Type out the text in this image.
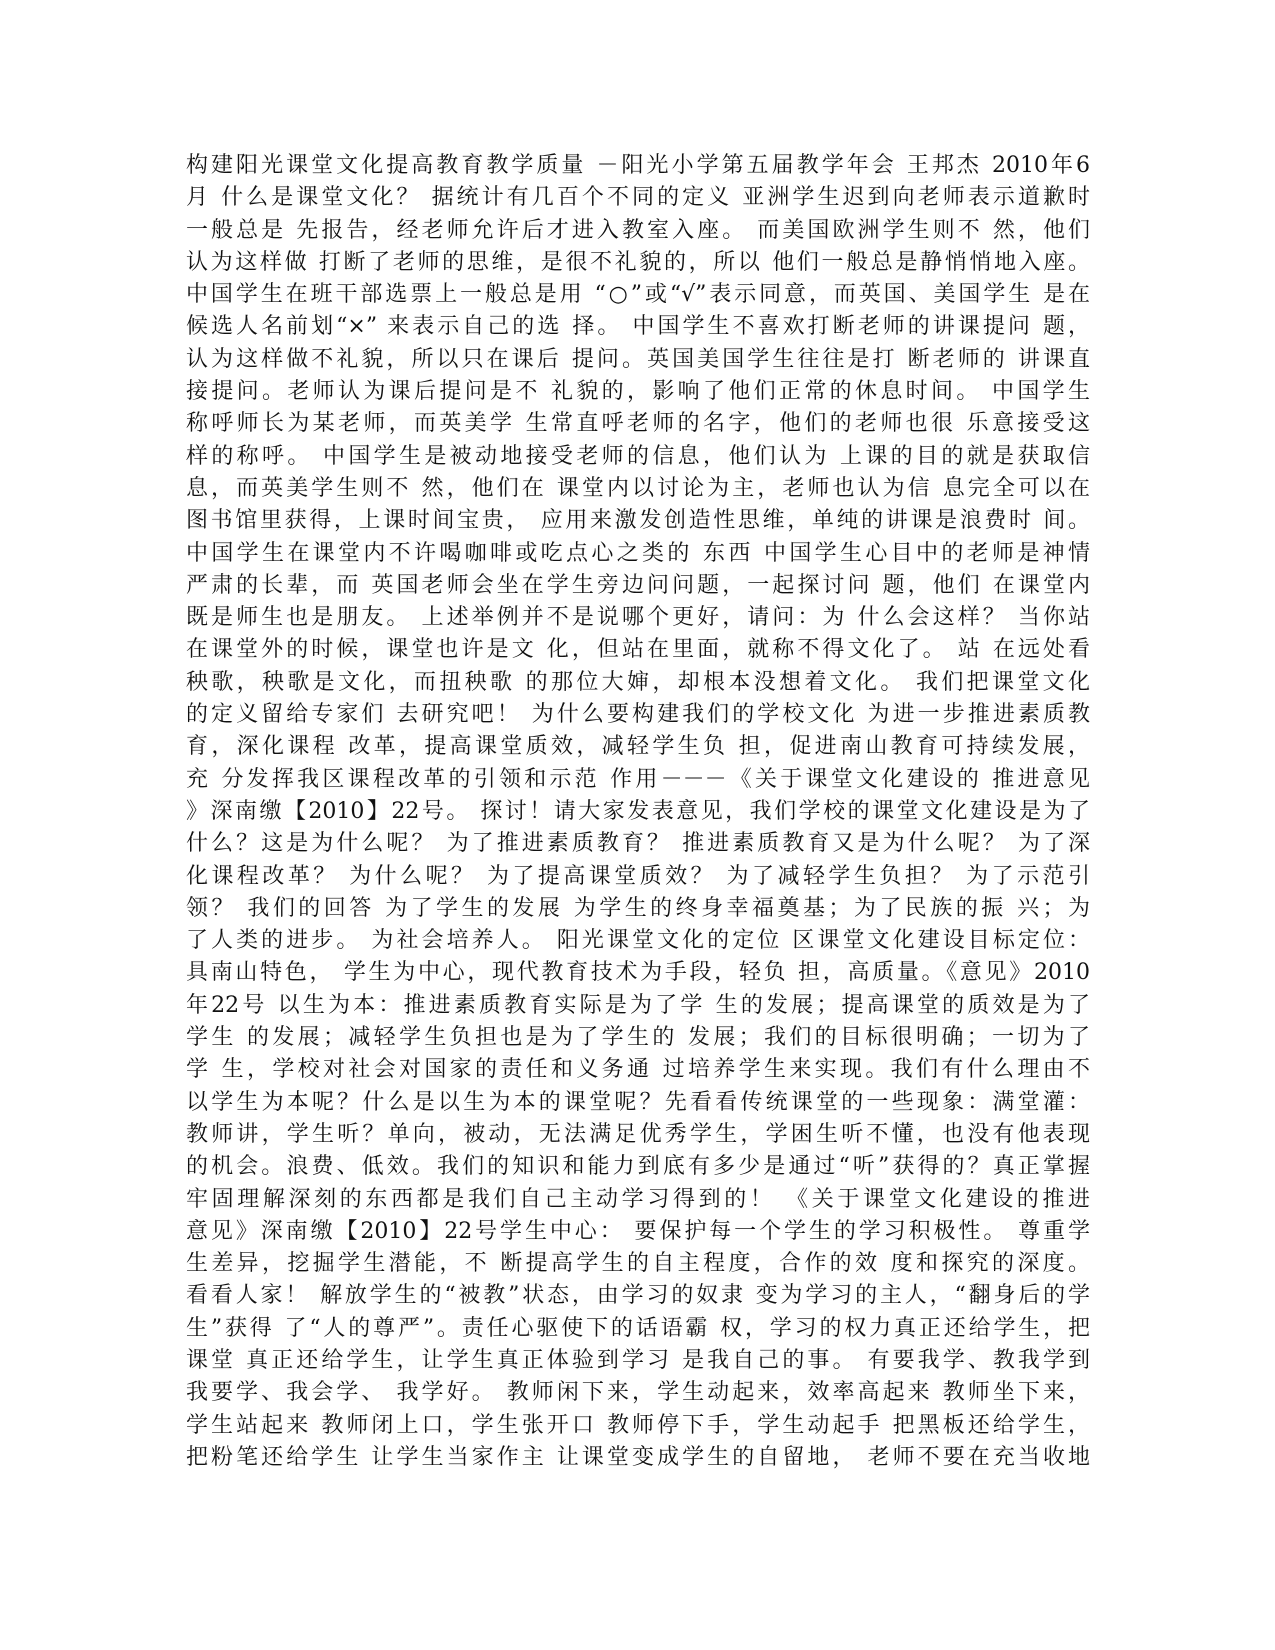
构建阳光课堂文化提高教育教学质量 －阳光小学第五届教学年会 王邦杰 2010年6
月 什么是课堂文化？ 据统计有几百个不同的定义 亚洲学生迟到向老师表示道歉时
一般总是 先报告，经老师允许后才进入教室入座。 而美国欧洲学生则不 然，他们
认为这样做 打断了老师的思维，是很不礼貌的，所以 他们一般总是静悄悄地入座。
中国学生在班干部选票上一般总是用 “○”或“√”表示同意，而英国、美国学生 是在
候选人名前划“×” 来表示自己的选 择。 中国学生不喜欢打断老师的讲课提问 题，
认为这样做不礼貌，所以只在课后 提问。英国美国学生往往是打 断老师的 讲课直
接提问。老师认为课后提问是不 礼貌的，影响了他们正常的休息时间。 中国学生
称呼师长为某老师，而英美学 生常直呼老师的名字，他们的老师也很 乐意接受这
样的称呼。 中国学生是被动地接受老师的信息，他们认为 上课的目的就是获取信
息，而英美学生则不 然，他们在 课堂内以讨论为主，老师也认为信 息完全可以在
图书馆里获得，上课时间宝贵， 应用来激发创造性思维，单纯的讲课是浪费时 间。
中国学生在课堂内不许喝咖啡或吃点心之类的 东西 中国学生心目中的老师是神情
严肃的长辈，而 英国老师会坐在学生旁边问问题，一起探讨问 题，他们 在课堂内
既是师生也是朋友。 上述举例并不是说哪个更好，请问：为 什么会这样？ 当你站
在课堂外的时候，课堂也许是文 化，但站在里面，就称不得文化了。 站 在远处看
秧歌，秧歌是文化，而扭秧歌 的那位大婶，却根本没想着文化。 我们把课堂文化
的定义留给专家们 去研究吧！ 为什么要构建我们的学校文化 为进一步推进素质教
育，深化课程 改革，提高课堂质效，减轻学生负 担，促进南山教育可持续发展，
充 分发挥我区课程改革的引领和示范 作用－－－《关于课堂文化建设的 推进意见
》深南缴【2010】22号。 探讨！请大家发表意见，我们学校的课堂文化建设是为了
什么？这是为什么呢？ 为了推进素质教育？ 推进素质教育又是为什么呢？ 为了深
化课程改革？ 为什么呢？ 为了提高课堂质效？ 为了减轻学生负担？ 为了示范引
领？ 我们的回答 为了学生的发展 为学生的终身幸福奠基；为了民族的振 兴；为
了人类的进步。 为社会培养人。 阳光课堂文化的定位 区课堂文化建设目标定位：
具南山特色， 学生为中心，现代教育技术为手段，轻负 担，高质量。《意见》2010
年22号 以生为本：推进素质教育实际是为了学 生的发展；提高课堂的质效是为了
学生 的发展；减轻学生负担也是为了学生的 发展；我们的目标很明确；一切为了
学 生，学校对社会对国家的责任和义务通 过培养学生来实现。我们有什么理由不
以学生为本呢？什么是以生为本的课堂呢？先看看传统课堂的一些现象：满堂灌：
教师讲，学生听？单向，被动，无法满足优秀学生，学困生听不懂，也没有他表现
的机会。浪费、低效。我们的知识和能力到底有多少是通过“听”获得的？真正掌握
牢固理解深刻的东西都是我们自己主动学习得到的！ 《关于课堂文化建设的推进
意见》深南缴【2010】22号学生中心： 要保护每一个学生的学习积极性。 尊重学
生差异，挖掘学生潜能，不 断提高学生的自主程度，合作的效 度和探究的深度。
看看人家！ 解放学生的“被教”状态，由学习的奴隶 变为学习的主人，“翻身后的学
生”获得 了“人的尊严”。责任心驱使下的话语霸 权，学习的权力真正还给学生，把
课堂 真正还给学生，让学生真正体验到学习 是我自己的事。 有要我学、教我学到
我要学、我会学、 我学好。 教师闲下来，学生动起来，效率高起来 教师坐下来，
学生站起来 教师闭上口，学生张开口 教师停下手，学生动起手 把黑板还给学生，
把粉笔还给学生 让学生当家作主 让课堂变成学生的自留地， 老师不要在充当收地
